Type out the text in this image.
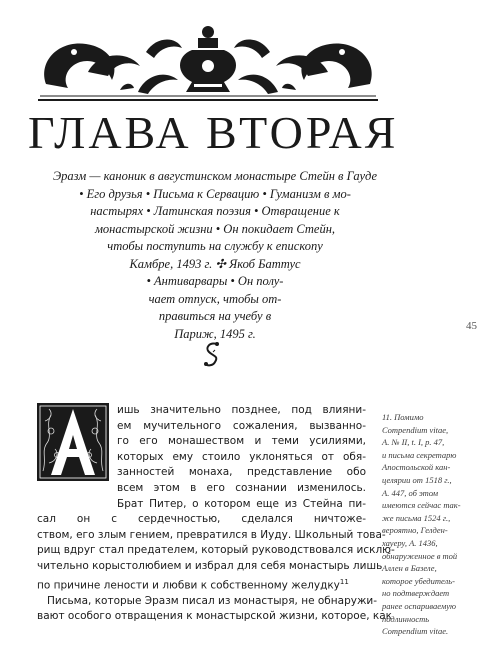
ГЛАВА ВТОРАЯ
Эразм — каноник в августинском монастыре Стейн в Гауде
• Его друзья • Письма к Сервацию • Гуманизм в мо-
настырях • Латинская поэзия • Отвращение к
монастырской жизни • Он покидает Стейн,
чтобы поступить на службу к епископу
Камбре, 1493 г. ✣ Якоб Баттус
• Антиварвары • Он полу-
чает отпуск, чтобы от-
правиться на учебу в
Париж, 1495 г.
45
ишь значительно позднее, под влияни-
ем мучительного сожаления, вызванно-
го его монашеством и теми усилиями,
которых ему стоило уклоняться от обя-
занностей монаха, представление обо
всем этом в его сознании изменилось.
Брат Питер, о котором еще из Стейна пи-
сал он с сердечностью, сделался ничтоже-
ством, его злым гением, превратился в Иуду. Школьный това-
рищ вдруг стал предателем, который руководствовался исклю-
чительно корыстолюбием и избрал для себя монастырь лишь
по причине лености и любви к собственному желудку$^{11}$
Письма, которые Эразм писал из монастыря, не обнаружи-
вают особого отвращения к монастырской жизни, которое, как
11. Помимо
Compendium vitae,
A. № II, t. I, p. 47,
и письма секретарю
Апостольской кан-
целярии от 1518 г.,
A. 447, об этом
имеются сейчас так-
же письма 1524 г.,
вероятно, Гелден-
хауеру, A. 1436,
обнаруженное в той
Аллен в Базеле,
которое убедитель-
но подтверждает
ранее оспариваемую
подлинность
Compendium vitae.
